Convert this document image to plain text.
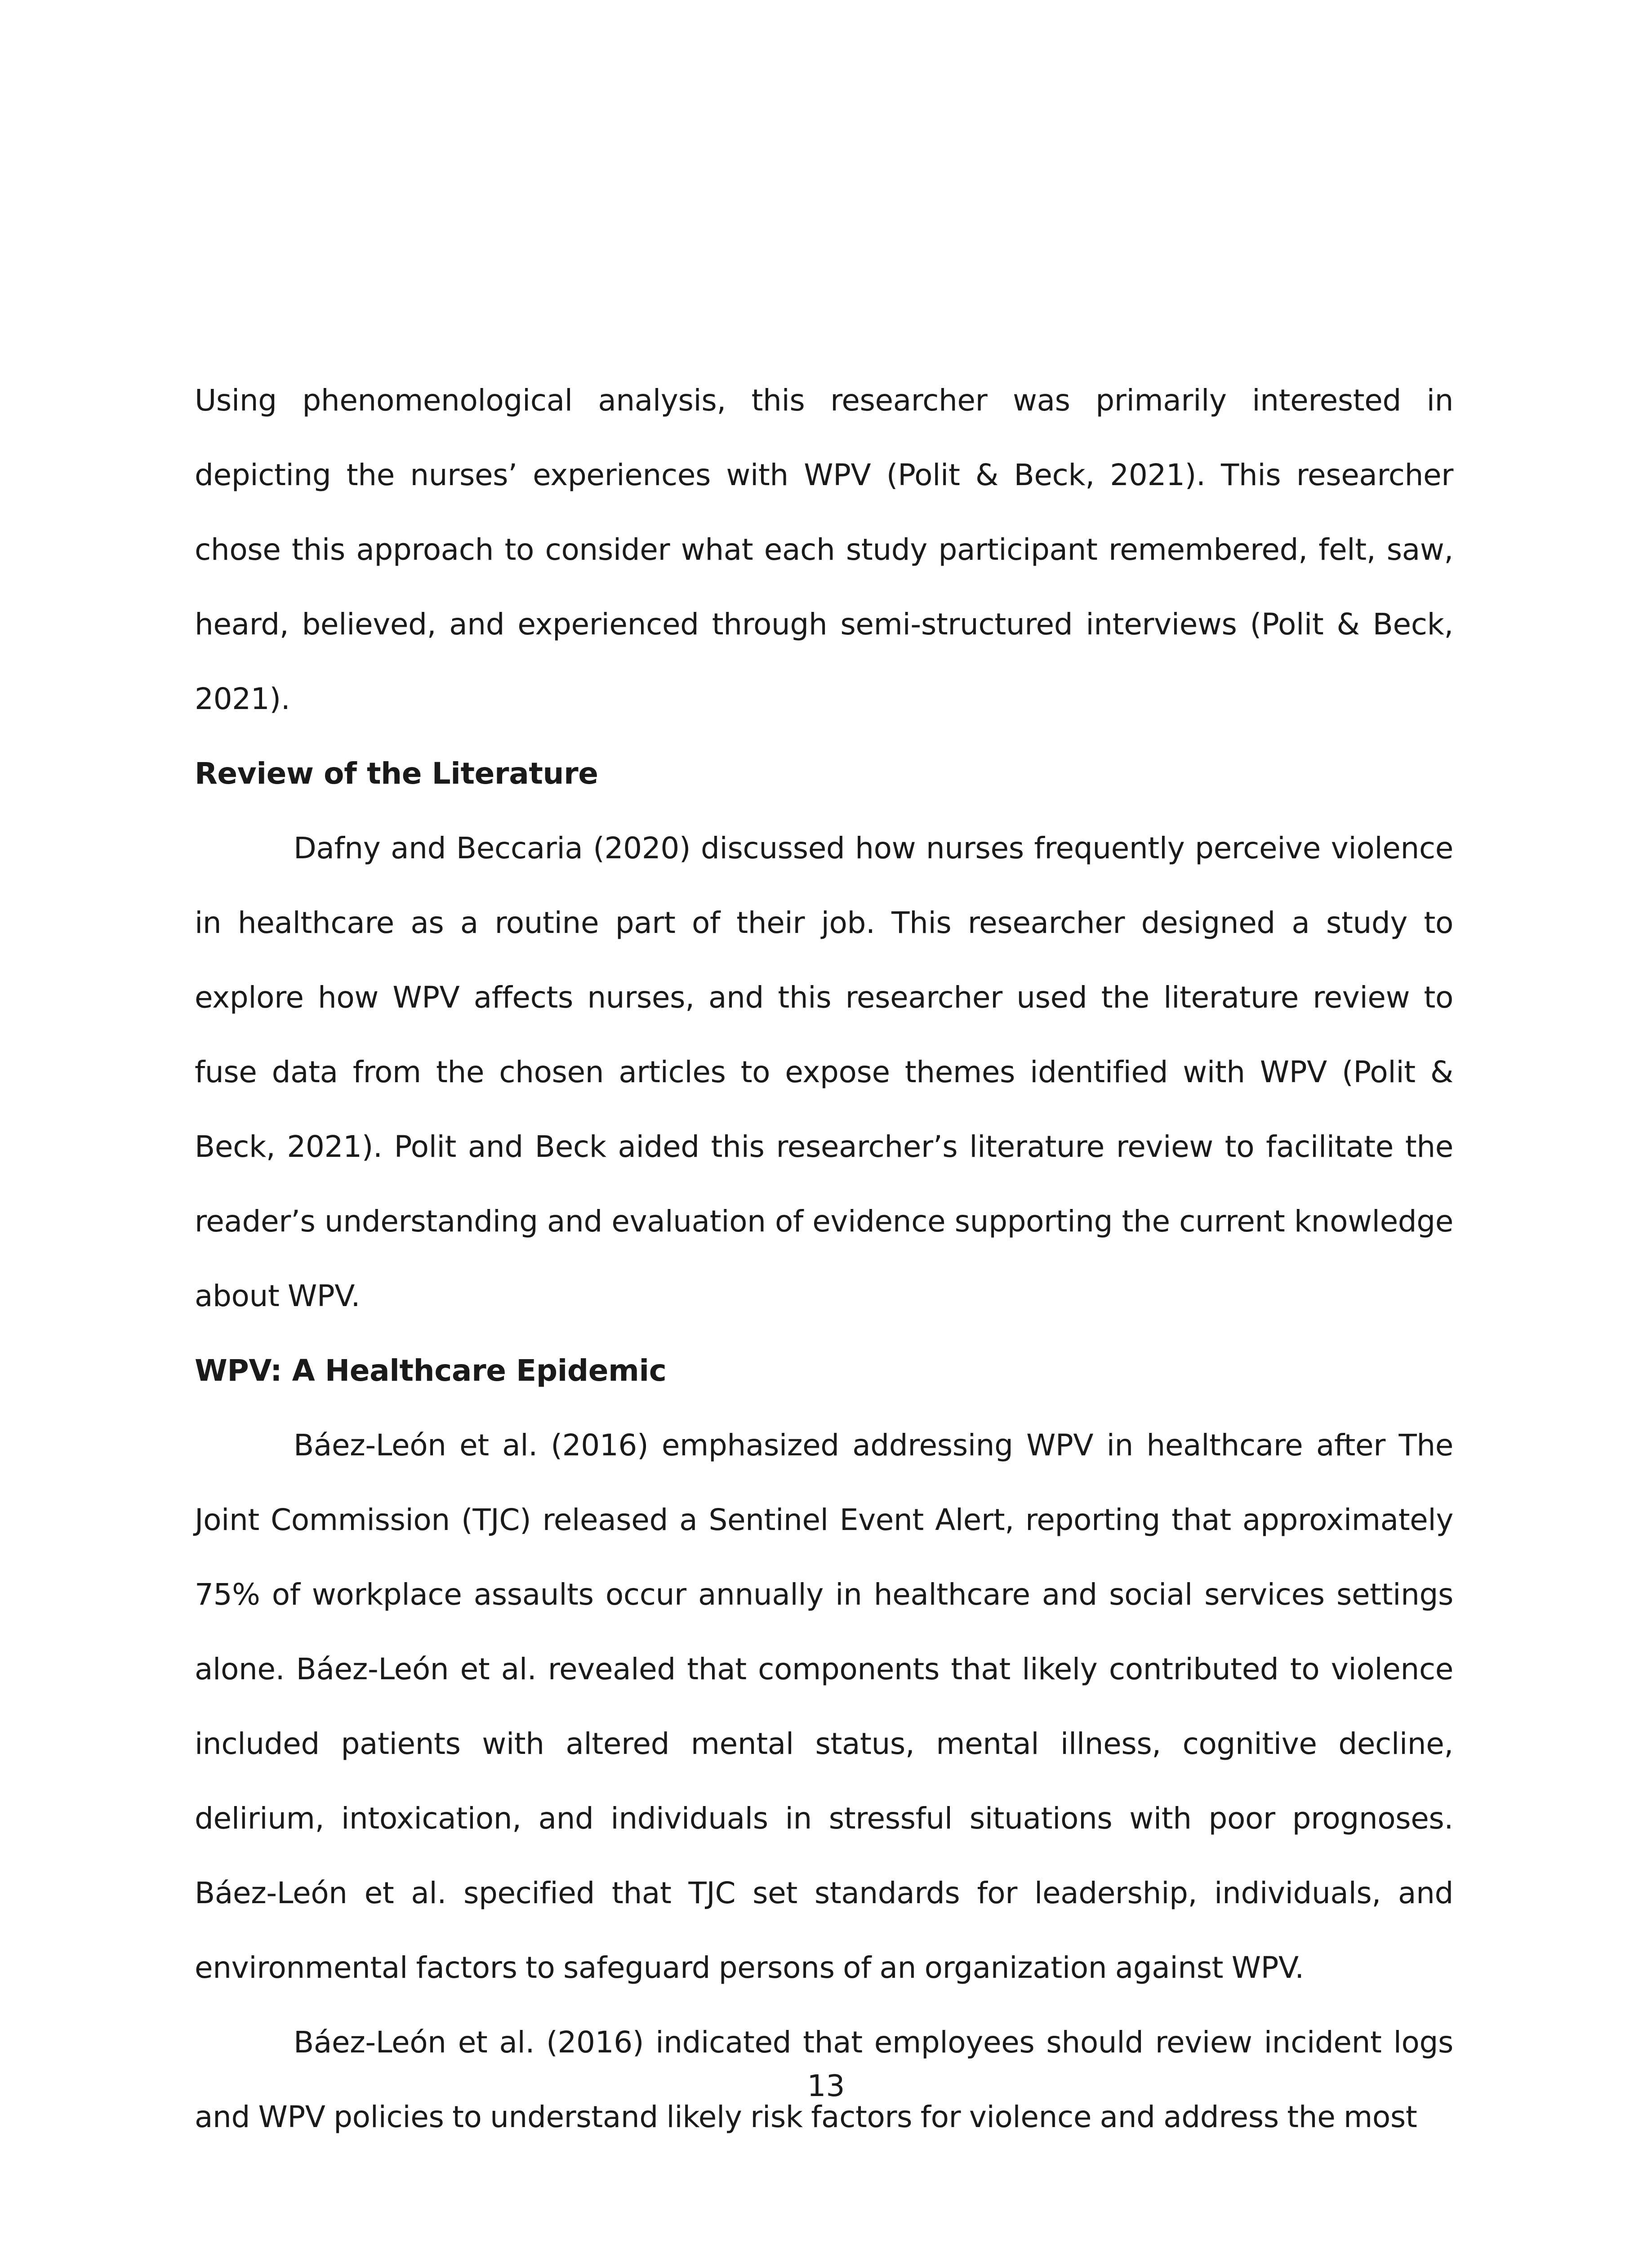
Using phenomenological analysis, this researcher was primarily interested in depicting the nurses’ experiences with WPV (Polit & Beck, 2021). This researcher chose this approach to consider what each study participant remembered, felt, saw, heard, believed, and experienced through semi-structured interviews (Polit & Beck, 2021).

Review of the Literature

Dafny and Beccaria (2020) discussed how nurses frequently perceive violence in healthcare as a routine part of their job. This researcher designed a study to explore how WPV affects nurses, and this researcher used the literature review to fuse data from the chosen articles to expose themes identified with WPV (Polit & Beck, 2021). Polit and Beck aided this researcher’s literature review to facilitate the reader’s understanding and evaluation of evidence supporting the current knowledge about WPV.

WPV: A Healthcare Epidemic

Báez-León et al. (2016) emphasized addressing WPV in healthcare after The Joint Commission (TJC) released a Sentinel Event Alert, reporting that approximately 75% of workplace assaults occur annually in healthcare and social services settings alone. Báez-León et al. revealed that components that likely contributed to violence included patients with altered mental status, mental illness, cognitive decline, delirium, intoxication, and individuals in stressful situations with poor prognoses. Báez-León et al. specified that TJC set standards for leadership, individuals, and environmental factors to safeguard persons of an organization against WPV.

Báez-León et al. (2016) indicated that employees should review incident logs and WPV policies to understand likely risk factors for violence and address the most

13
